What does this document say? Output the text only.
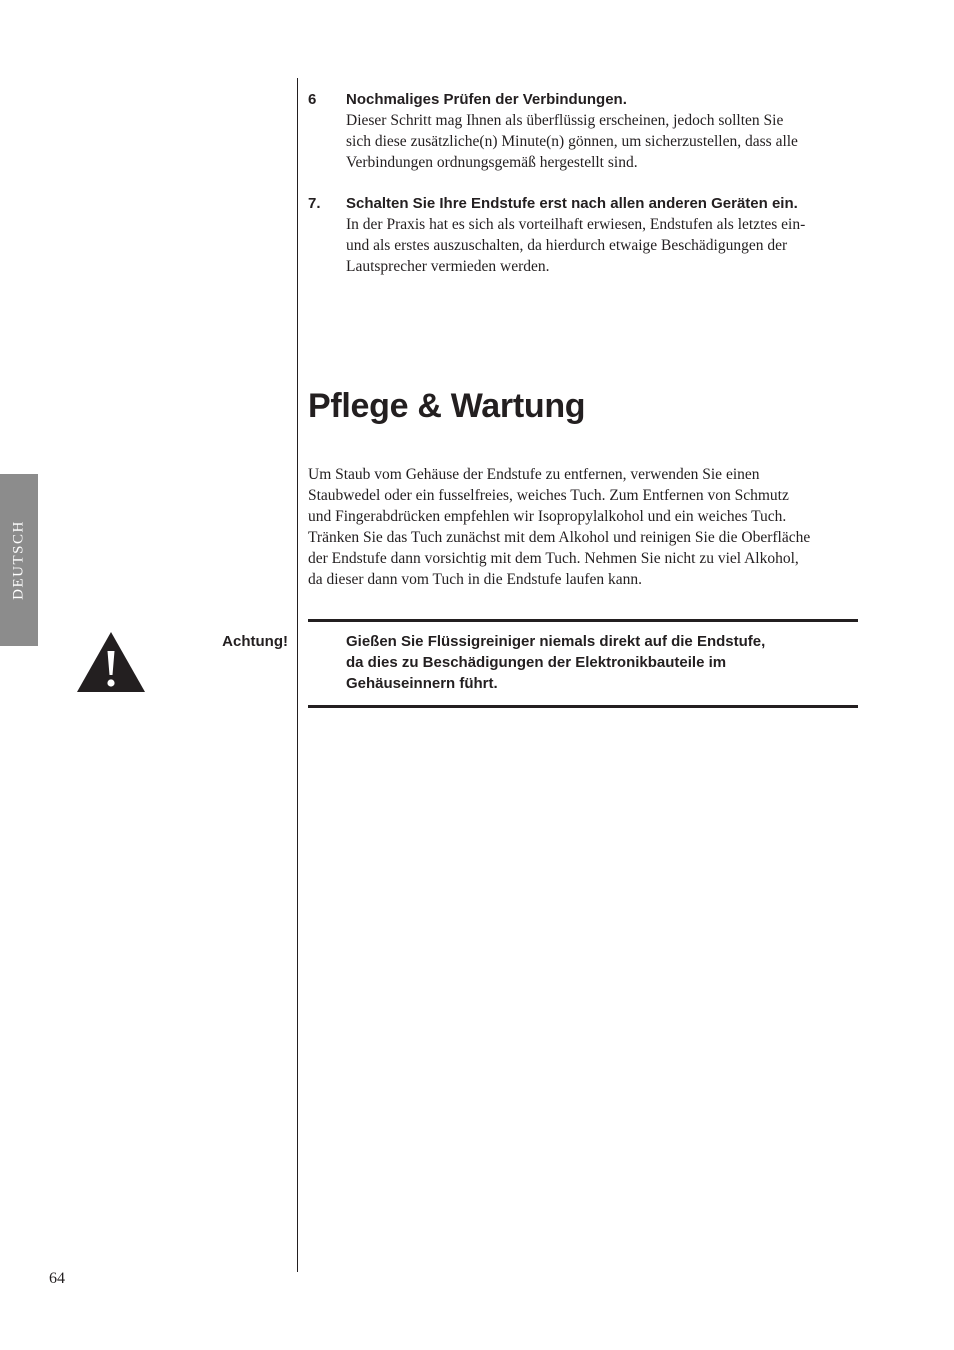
DEUTSCH
6 Nochmaliges Prüfen der Verbindungen.
Dieser Schritt mag Ihnen als überflüssig erscheinen, jedoch sollten Sie
sich diese zusätzliche(n) Minute(n) gönnen, um sicherzustellen, dass alle
Verbindungen ordnungsgemäß hergestellt sind.
7. Schalten Sie Ihre Endstufe erst nach allen anderen Geräten ein.
In der Praxis hat es sich als vorteilhaft erwiesen, Endstufen als letztes ein-
und als erstes auszuschalten, da hierdurch etwaige Beschädigungen der
Lautsprecher vermieden werden.
Pflege & Wartung
Um Staub vom Gehäuse der Endstufe zu entfernen, verwenden Sie einen
Staubwedel oder ein fusselfreies, weiches Tuch. Zum Entfernen von Schmutz
und Fingerabdrücken empfehlen wir Isopropylalkohol und ein weiches Tuch.
Tränken Sie das Tuch zunächst mit dem Alkohol und reinigen Sie die Oberfläche
der Endstufe dann vorsichtig mit dem Tuch. Nehmen Sie nicht zu viel Alkohol,
da dieser dann vom Tuch in die Endstufe laufen kann.
Achtung!	Gießen Sie Flüssigreiniger niemals direkt auf die Endstufe,
da dies zu Beschädigungen der Elektronikbauteile im
Gehäuseinnern führt.
64
